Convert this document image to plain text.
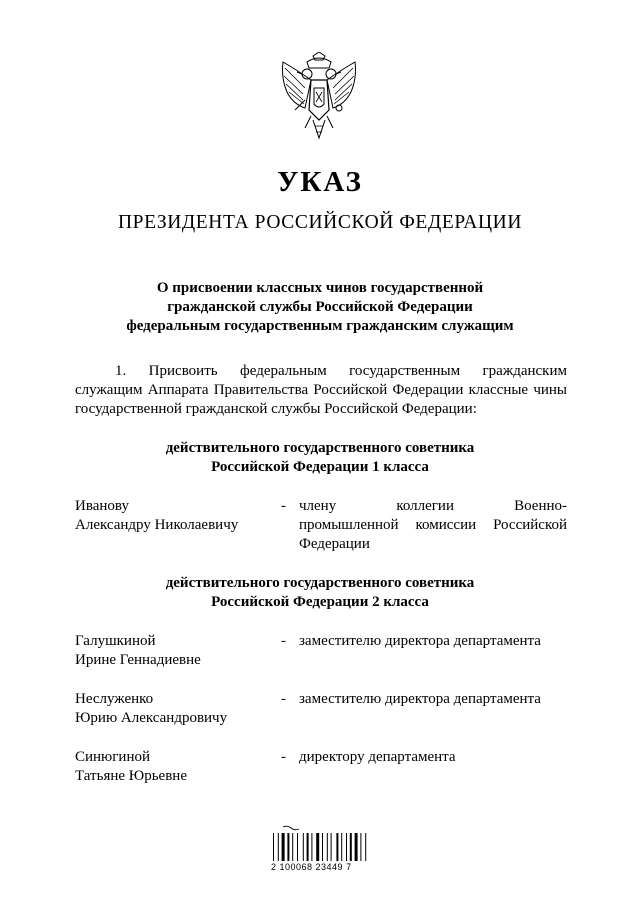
УКАЗ
ПРЕЗИДЕНТА РОССИЙСКОЙ ФЕДЕРАЦИИ
О присвоении классных чинов государственной
гражданской службы Российской Федерации
федеральным государственным гражданским служащим
1. Присвоить федеральным государственным гражданским
служащим Аппарата Правительства Российской Федерации классные чины государственной гражданской службы Российской Федерации:
действительного государственного советника
Российской Федерации 1 класса
Иванову
Александру Николаевичу
- члену коллегии Военно-
промышленной комиссии Российской Федерации
действительного государственного советника
Российской Федерации 2 класса
Галушкиной
Ирине Геннадиевне
- заместителю директора департамента
Неслуженко
Юрию Александровичу
- заместителю директора департамента
Синюгиной
Татьяне Юрьевне
- директору департамента
2 100068 23449 7
